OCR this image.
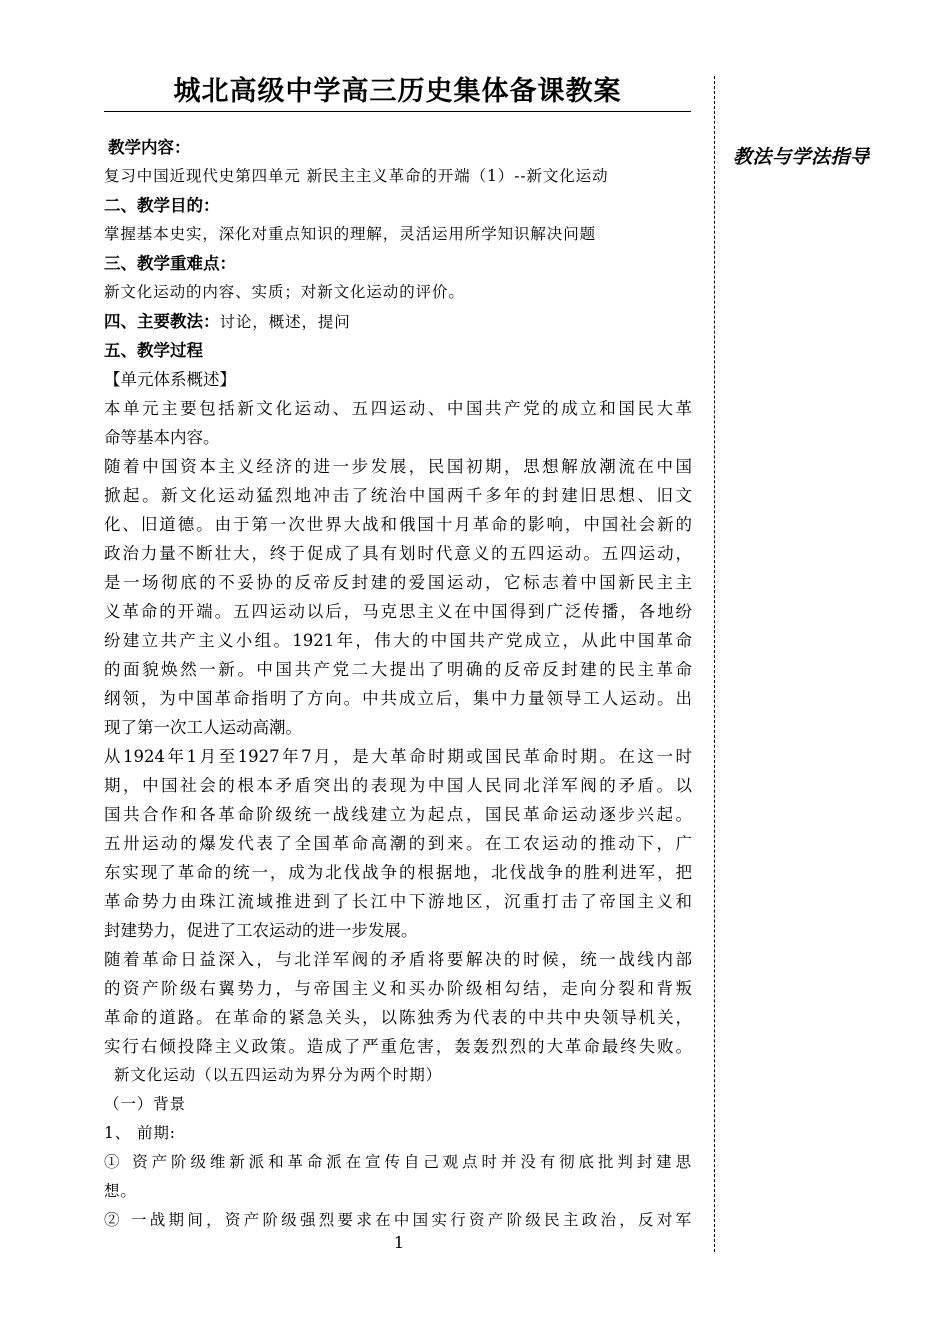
城北高级中学高三历史集体备课教案
教法与学法指导
教学内容：
复习中国近现代史第四单元 新民主主义革命的开端（1）--新文化运动
二、教学目的：
掌握基本史实，深化对重点知识的理解，灵活运用所学知识解决问题
三、教学重难点：
新文化运动的内容、实质；对新文化运动的评价。
四、主要教法：讨论，概述，提问
五、教学过程
【单元体系概述】
本单元主要包括新文化运动、五四运动、中国共产党的成立和国民大革
命等基本内容。
随着中国资本主义经济的进一步发展，民国初期，思想解放潮流在中国
掀起。新文化运动猛烈地冲击了统治中国两千多年的封建旧思想、旧文
化、旧道德。由于第一次世界大战和俄国十月革命的影响，中国社会新的
政治力量不断壮大，终于促成了具有划时代意义的五四运动。五四运动，
是一场彻底的不妥协的反帝反封建的爱国运动，它标志着中国新民主主
义革命的开端。五四运动以后，马克思主义在中国得到广泛传播，各地纷
纷建立共产主义小组。1921年，伟大的中国共产党成立，从此中国革命
的面貌焕然一新。中国共产党二大提出了明确的反帝反封建的民主革命
纲领，为中国革命指明了方向。中共成立后，集中力量领导工人运动。出
现了第一次工人运动高潮。
从1924年1月至1927年7月，是大革命时期或国民革命时期。在这一时
期，中国社会的根本矛盾突出的表现为中国人民同北洋军阀的矛盾。以
国共合作和各革命阶级统一战线建立为起点，国民革命运动逐步兴起。
五卅运动的爆发代表了全国革命高潮的到来。在工农运动的推动下，广
东实现了革命的统一，成为北伐战争的根据地，北伐战争的胜利进军，把
革命势力由珠江流域推进到了长江中下游地区，沉重打击了帝国主义和
封建势力，促进了工农运动的进一步发展。
随着革命日益深入，与北洋军阀的矛盾将要解决的时候，统一战线内部
的资产阶级右翼势力，与帝国主义和买办阶级相勾结，走向分裂和背叛
革命的道路。在革命的紧急关头，以陈独秀为代表的中共中央领导机关，
实行右倾投降主义政策。造成了严重危害，轰轰烈烈的大革命最终失败。
新文化运动（以五四运动为界分为两个时期）
（一）背景
1、 前期:
① 资产阶级维新派和革命派在宣传自己观点时并没有彻底批判封建思
想。
② 一战期间，资产阶级强烈要求在中国实行资产阶级民主政治，反对军
1
